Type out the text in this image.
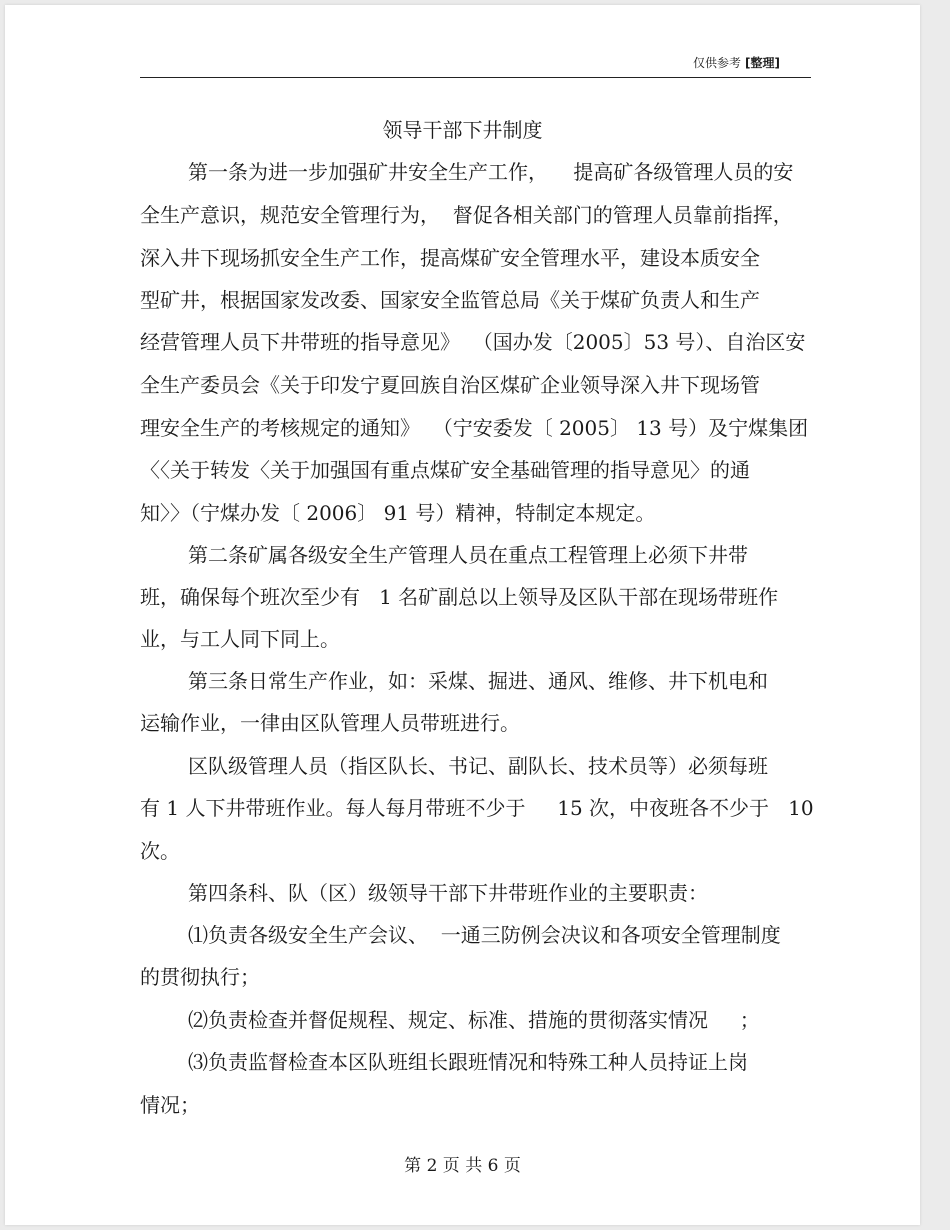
仅供参考 [整理]
领导干部下井制度
第一条为进一步加强矿井安全生产工作，    提高矿各级管理人员的安
全生产意识，规范安全管理行为，  督促各相关部门的管理人员靠前指挥，
深入井下现场抓安全生产工作，提高煤矿安全管理水平，建设本质安全
型矿井，根据国家发改委、国家安全监管总局《关于煤矿负责人和生产
经营管理人员下井带班的指导意见》  （国办发〔2005〕53 号）、自治区安
全生产委员会《关于印发宁夏回族自治区煤矿企业领导深入井下现场管
理安全生产的考核规定的通知》  （宁安委发〔 2005〕 13 号）及宁煤集团
〈〈关于转发〈关于加强国有重点煤矿安全基础管理的指导意见〉的通
知〉〉（宁煤办发〔 2006〕 91 号）精神，特制定本规定。
第二条矿属各级安全生产管理人员在重点工程管理上必须下井带
班，确保每个班次至少有   1 名矿副总以上领导及区队干部在现场带班作
业，与工人同下同上。
第三条日常生产作业，如：采煤、掘进、通风、维修、井下机电和
运输作业，一律由区队管理人员带班进行。
区队级管理人员（指区队长、书记、副队长、技术员等）必须每班
有 1 人下井带班作业。每人每月带班不少于     15 次，中夜班各不少于   10
次。
第四条科、队（区）级领导干部下井带班作业的主要职责：
⑴负责各级安全生产会议、  一通三防例会决议和各项安全管理制度
的贯彻执行；
⑵负责检查并督促规程、规定、标准、措施的贯彻落实情况     ；
⑶负责监督检查本区队班组长跟班情况和特殊工种人员持证上岗
情况；
第 2 页 共 6 页
